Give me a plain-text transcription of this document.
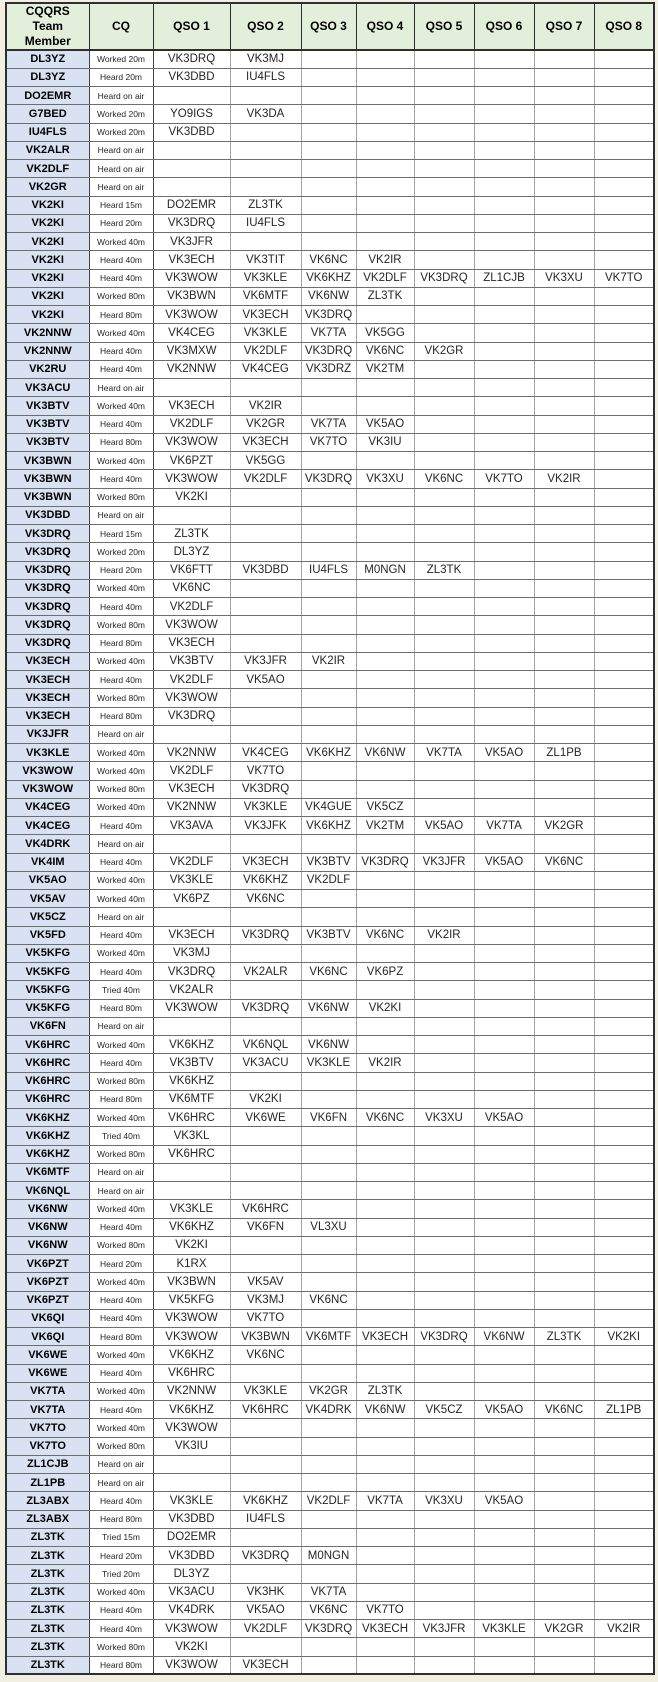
CQQRS Team Member	CQ	QSO 1	QSO 2	QSO 3	QSO 4	QSO 5	QSO 6	QSO 7	QSO 8
DL3YZ	Worked 20m	VK3DRQ	VK3MJ						
DL3YZ	Heard 20m	VK3DBD	IU4FLS						
DO2EMR	Heard on air								
G7BED	Worked 20m	YO9IGS	VK3DA						
IU4FLS	Worked 20m	VK3DBD							
VK2ALR	Heard on air								
VK2DLF	Heard on air								
VK2GR	Heard on air								
VK2KI	Heard 15m	DO2EMR	ZL3TK						
VK2KI	Heard 20m	VK3DRQ	IU4FLS						
VK2KI	Worked 40m	VK3JFR							
VK2KI	Heard 40m	VK3ECH	VK3TIT	VK6NC	VK2IR				
VK2KI	Heard 40m	VK3WOW	VK3KLE	VK6KHZ	VK2DLF	VK3DRQ	ZL1CJB	VK3XU	VK7TO
VK2KI	Worked 80m	VK3BWN	VK6MTF	VK6NW	ZL3TK				
VK2KI	Heard 80m	VK3WOW	VK3ECH	VK3DRQ					
VK2NNW	Worked 40m	VK4CEG	VK3KLE	VK7TA	VK5GG				
VK2NNW	Heard 40m	VK3MXW	VK2DLF	VK3DRQ	VK6NC	VK2GR			
VK2RU	Heard 40m	VK2NNW	VK4CEG	VK3DRZ	VK2TM				
VK3ACU	Heard on air								
VK3BTV	Worked 40m	VK3ECH	VK2IR						
VK3BTV	Heard 40m	VK2DLF	VK2GR	VK7TA	VK5AO				
VK3BTV	Heard 80m	VK3WOW	VK3ECH	VK7TO	VK3IU				
VK3BWN	Worked 40m	VK6PZT	VK5GG						
VK3BWN	Heard 40m	VK3WOW	VK2DLF	VK3DRQ	VK3XU	VK6NC	VK7TO	VK2IR	
VK3BWN	Worked 80m	VK2KI							
VK3DBD	Heard on air								
VK3DRQ	Heard 15m	ZL3TK							
VK3DRQ	Worked 20m	DL3YZ							
VK3DRQ	Heard 20m	VK6FTT	VK3DBD	IU4FLS	M0NGN	ZL3TK			
VK3DRQ	Worked 40m	VK6NC							
VK3DRQ	Heard 40m	VK2DLF							
VK3DRQ	Worked 80m	VK3WOW							
VK3DRQ	Heard 80m	VK3ECH							
VK3ECH	Worked 40m	VK3BTV	VK3JFR	VK2IR					
VK3ECH	Heard 40m	VK2DLF	VK5AO						
VK3ECH	Worked 80m	VK3WOW							
VK3ECH	Heard 80m	VK3DRQ							
VK3JFR	Heard on air								
VK3KLE	Worked 40m	VK2NNW	VK4CEG	VK6KHZ	VK6NW	VK7TA	VK5AO	ZL1PB	
VK3WOW	Worked 40m	VK2DLF	VK7TO						
VK3WOW	Worked 80m	VK3ECH	VK3DRQ						
VK4CEG	Worked 40m	VK2NNW	VK3KLE	VK4GUE	VK5CZ				
VK4CEG	Heard 40m	VK3AVA	VK3JFK	VK6KHZ	VK2TM	VK5AO	VK7TA	VK2GR	
VK4DRK	Heard on air								
VK4IM	Heard 40m	VK2DLF	VK3ECH	VK3BTV	VK3DRQ	VK3JFR	VK5AO	VK6NC	
VK5AO	Worked 40m	VK3KLE	VK6KHZ	VK2DLF					
VK5AV	Worked 40m	VK6PZ	VK6NC						
VK5CZ	Heard on air								
VK5FD	Heard 40m	VK3ECH	VK3DRQ	VK3BTV	VK6NC	VK2IR			
VK5KFG	Worked 40m	VK3MJ							
VK5KFG	Heard 40m	VK3DRQ	VK2ALR	VK6NC	VK6PZ				
VK5KFG	Tried 40m	VK2ALR							
VK5KFG	Heard 80m	VK3WOW	VK3DRQ	VK6NW	VK2KI				
VK6FN	Heard on air								
VK6HRC	Worked 40m	VK6KHZ	VK6NQL	VK6NW					
VK6HRC	Heard 40m	VK3BTV	VK3ACU	VK3KLE	VK2IR				
VK6HRC	Worked 80m	VK6KHZ							
VK6HRC	Heard 80m	VK6MTF	VK2KI						
VK6KHZ	Worked 40m	VK6HRC	VK6WE	VK6FN	VK6NC	VK3XU	VK5AO		
VK6KHZ	Tried 40m	VK3KL							
VK6KHZ	Worked 80m	VK6HRC							
VK6MTF	Heard on air								
VK6NQL	Heard on air								
VK6NW	Worked 40m	VK3KLE	VK6HRC						
VK6NW	Heard 40m	VK6KHZ	VK6FN	VL3XU					
VK6NW	Worked 80m	VK2KI							
VK6PZT	Heard 20m	K1RX							
VK6PZT	Worked 40m	VK3BWN	VK5AV						
VK6PZT	Heard 40m	VK5KFG	VK3MJ	VK6NC					
VK6QI	Heard 40m	VK3WOW	VK7TO						
VK6QI	Heard 80m	VK3WOW	VK3BWN	VK6MTF	VK3ECH	VK3DRQ	VK6NW	ZL3TK	VK2KI
VK6WE	Worked 40m	VK6KHZ	VK6NC						
VK6WE	Heard 40m	VK6HRC							
VK7TA	Worked 40m	VK2NNW	VK3KLE	VK2GR	ZL3TK				
VK7TA	Heard 40m	VK6KHZ	VK6HRC	VK4DRK	VK6NW	VK5CZ	VK5AO	VK6NC	ZL1PB
VK7TO	Worked 40m	VK3WOW							
VK7TO	Worked 80m	VK3IU							
ZL1CJB	Heard on air								
ZL1PB	Heard on air								
ZL3ABX	Heard 40m	VK3KLE	VK6KHZ	VK2DLF	VK7TA	VK3XU	VK5AO		
ZL3ABX	Heard 80m	VK3DBD	IU4FLS						
ZL3TK	Tried 15m	DO2EMR							
ZL3TK	Heard 20m	VK3DBD	VK3DRQ	M0NGN					
ZL3TK	Tried 20m	DL3YZ							
ZL3TK	Worked 40m	VK3ACU	VK3HK	VK7TA					
ZL3TK	Heard 40m	VK4DRK	VK5AO	VK6NC	VK7TO				
ZL3TK	Heard 40m	VK3WOW	VK2DLF	VK3DRQ	VK3ECH	VK3JFR	VK3KLE	VK2GR	VK2IR
ZL3TK	Worked 80m	VK2KI							
ZL3TK	Heard 80m	VK3WOW	VK3ECH						
